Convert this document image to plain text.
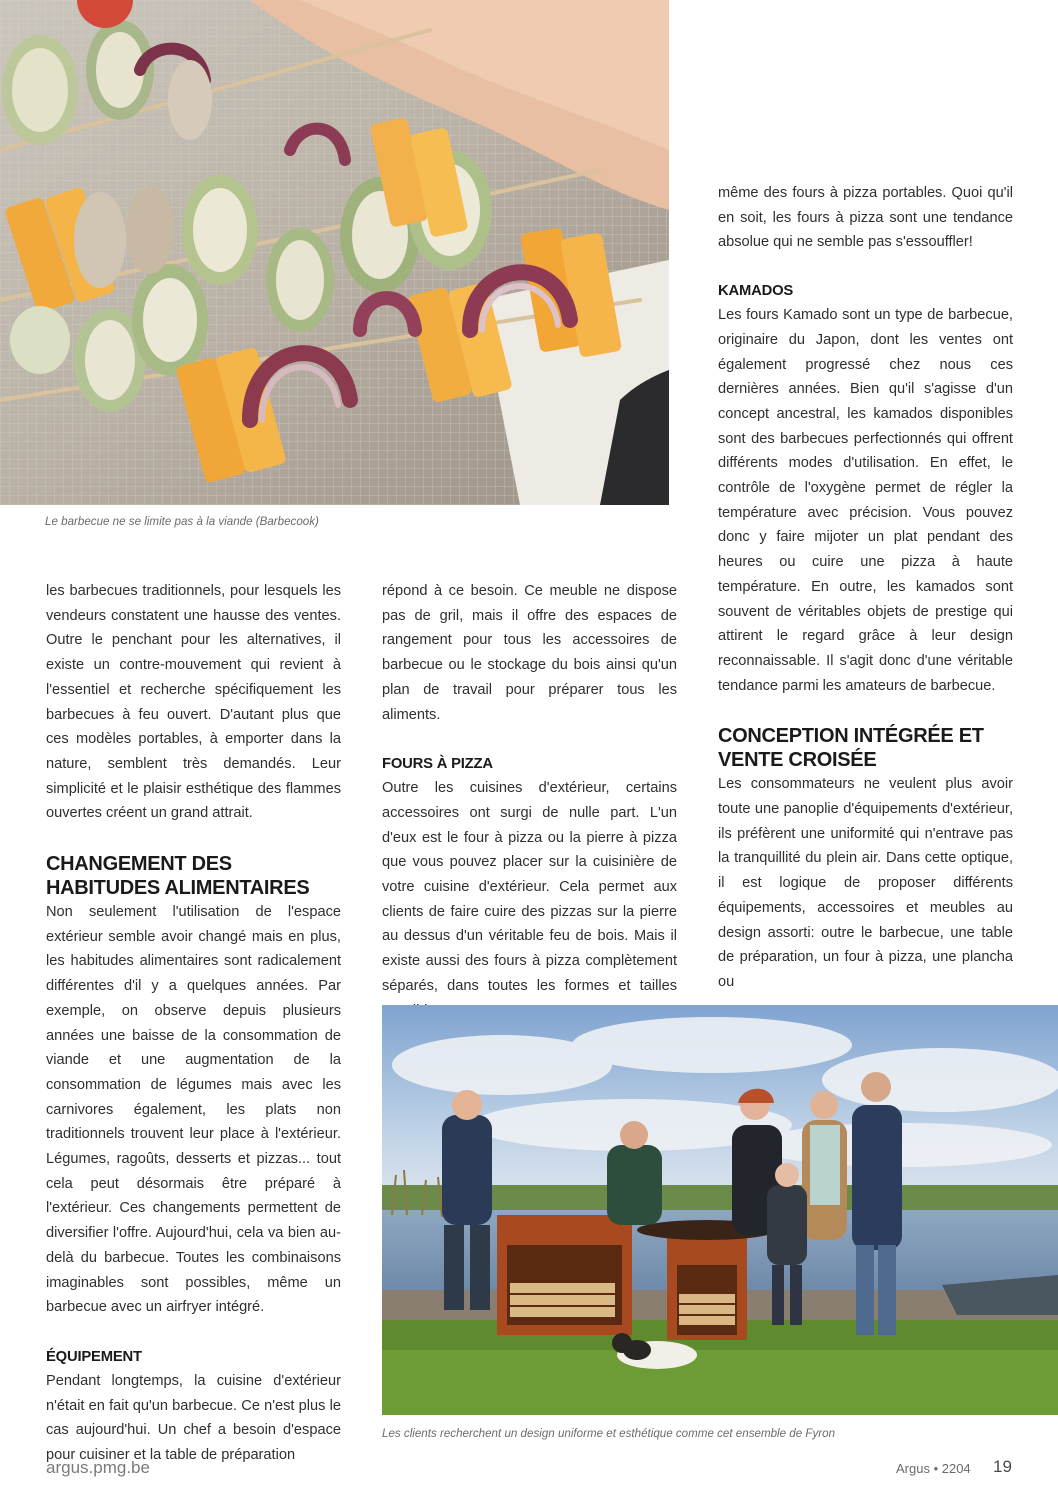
Le barbecue ne se limite pas à la viande (Barbecook)

les barbecues traditionnels, pour lesquels les vendeurs constatent une hausse des ventes. Outre le penchant pour les alternatives, il existe un contre-mouvement qui revient à l'essentiel et recherche spécifiquement les barbecues à feu ouvert. D'autant plus que ces modèles portables, à emporter dans la nature, semblent très demandés. Leur simplicité et le plaisir esthétique des flammes ouvertes créent un grand attrait.

CHANGEMENT DES HABITUDES ALIMENTAIRES

Non seulement l'utilisation de l'espace extérieur semble avoir changé mais en plus, les habitudes alimentaires sont radicalement différentes d'il y a quelques années. Par exemple, on observe depuis plusieurs années une baisse de la consommation de viande et une augmentation de la consommation de légumes mais avec les carnivores également, les plats non traditionnels trouvent leur place à l'extérieur. Légumes, ragoûts, desserts et pizzas... tout cela peut désormais être préparé à l'extérieur. Ces changements permettent de diversifier l'offre. Aujourd'hui, cela va bien au-delà du barbecue. Toutes les combinaisons imaginables sont possibles, même un barbecue avec un airfryer intégré.

ÉQUIPEMENT

Pendant longtemps, la cuisine d'extérieur n'était en fait qu'un barbecue. Ce n'est plus le cas aujourd'hui. Un chef a besoin d'espace pour cuisiner et la table de préparation

répond à ce besoin. Ce meuble ne dispose pas de gril, mais il offre des espaces de rangement pour tous les accessoires de barbecue ou le stockage du bois ainsi qu'un plan de travail pour préparer tous les aliments.

FOURS À PIZZA

Outre les cuisines d'extérieur, certains accessoires ont surgi de nulle part. L'un d'eux est le four à pizza ou la pierre à pizza que vous pouvez placer sur la cuisinière de votre cuisine d'extérieur. Cela permet aux clients de faire cuire des pizzas sur la pierre au dessus d'un véritable feu de bois. Mais il existe aussi des fours à pizza complètement séparés, dans toutes les formes et tailles

même des fours à pizza portables. Quoi qu'il en soit, les fours à pizza sont une tendance absolue qui ne semble pas s'essouffler!

KAMADOS

Les fours Kamado sont un type de barbecue, originaire du Japon, dont les ventes ont également progressé chez nous ces dernières années. Bien qu'il s'agisse d'un concept ancestral, les kamados disponibles sont des barbecues perfectionnés qui offrent différents modes d'utilisation. En effet, le contrôle de l'oxygène permet de régler la température avec précision. Vous pouvez donc y faire mijoter un plat pendant des heures ou cuire une pizza à haute température. En outre, les kamados sont souvent de véritables objets de prestige qui attirent le regard grâce à leur design reconnaissable. Il s'agit donc d'une véritable tendance parmi les amateurs de barbecue.

CONCEPTION INTÉGRÉE ET VENTE CROISÉE

Les consommateurs ne veulent plus avoir toute une panoplie d'équipements d'extérieur, ils préfèrent une uniformité qui n'entrave pas la tranquillité du plein air. Dans cette optique, il est logique de proposer différents équipements, accessoires et meubles au design assorti: outre le barbecue, une table de préparation, un four à pizza, une plancha ou

Les clients recherchent un design uniforme et esthétique comme cet ensemble de Fyron

argus.pmg.be	Argus • 2204 19
